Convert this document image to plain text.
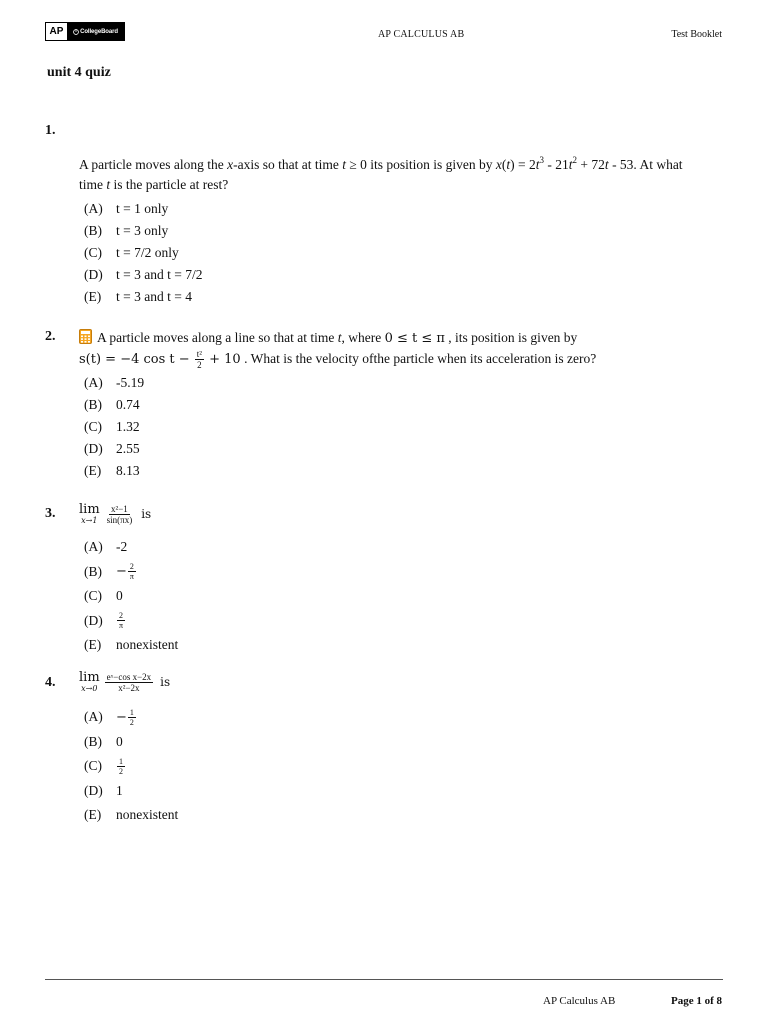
AP	CollegeBoard	AP CALCULUS AB	Test Booklet
unit 4 quiz
1.
A particle moves along the x-axis so that at time t ≥ 0 its position is given by $x(t) = 2t^3 - 21t^2 + 72t - 53$. At what
time t is the particle at rest?
(A) t = 1 only
(B)	t = 3 only
(C)	t = 7/2 only
(D) t = 3 and t = 7/2
(E)	t = 3 and t = 4
2.	A particle moves along a line so that at time t, where 0 ≤ t ≤ π , its position is given by
s(t) = −4 $\cos t - \frac{\text{t²}}{2} + 10$ . What is the velocity ofthe particle when its acceleration is zero?
(A) -5.19
(B)	0.74
(C)	1.32
(D) 2.55
(E)	8.13
3. lim
$x\to 1 \frac{\text{x²−1}}{\sin(\pi x)}$ is
(A) -2
(B)	− $\frac{2}{\pi}$
(C)	0
(D)	$\frac{2}{\pi}$
(E)	nonexistent
4. lim
$x\to 0 \frac{\text{eˣ−cos x−2x}}{\text{x²−2x}}$ is
(A)	− $\frac{1}{2}$
(B)	0
(C)	$\frac{1}{2}$
(D) 1
(E)	nonexistent
AP Calculus AB	Page 1 of 8
